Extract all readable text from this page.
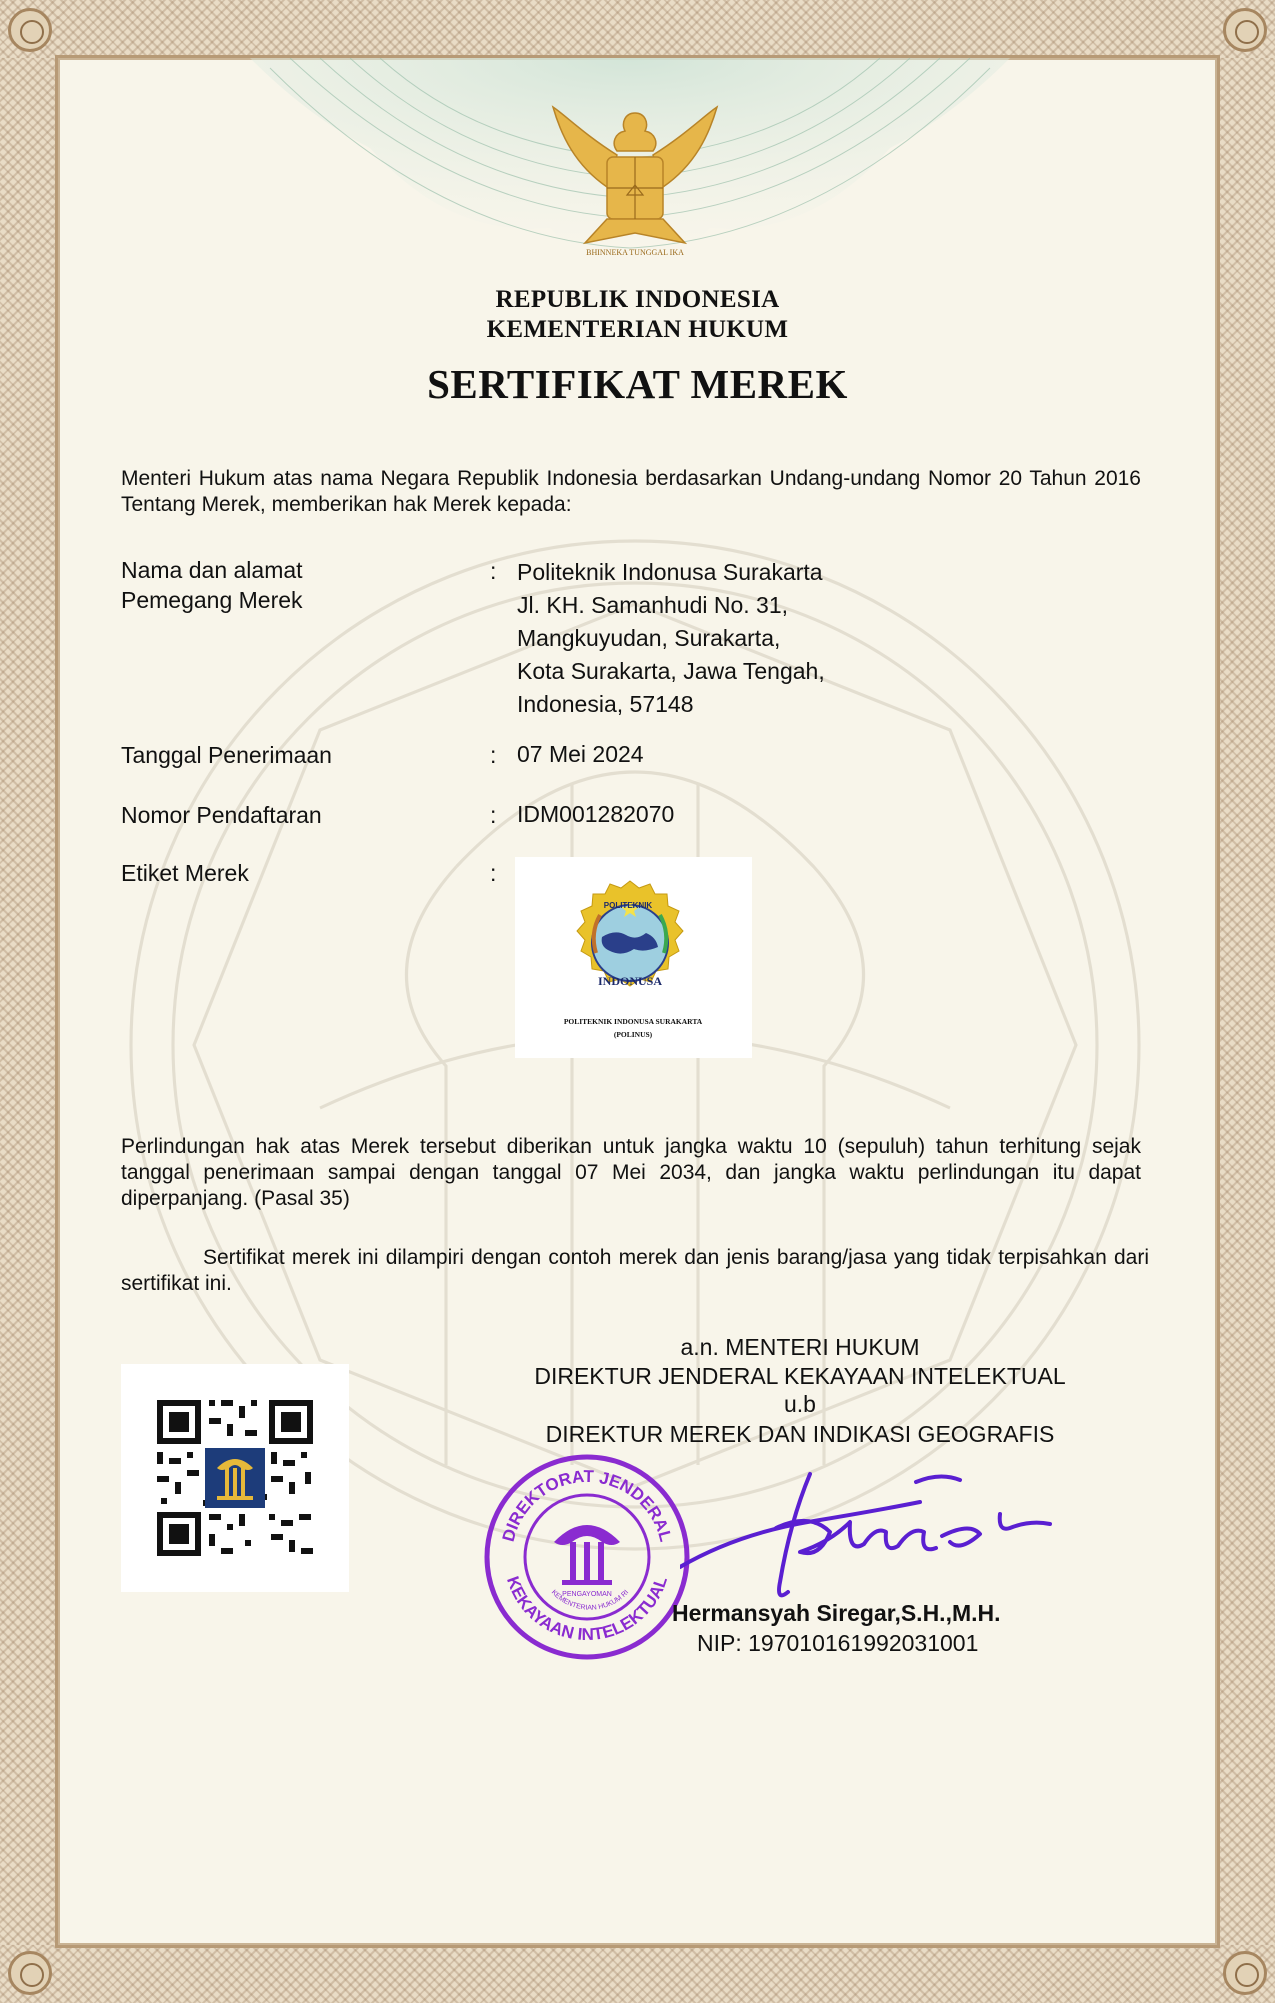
BHINNEKA TUNGGAL IKA
REPUBLIK INDONESIA
KEMENTERIAN HUKUM
SERTIFIKAT MEREK
Menteri Hukum atas nama Negara Republik Indonesia berdasarkan Undang-undang Nomor 20 Tahun 2016 Tentang Merek, memberikan hak Merek kepada:
Nama dan alamat
Pemegang Merek
: Politeknik Indonusa Surakarta
Jl. KH. Samanhudi No. 31,
Mangkuyudan, Surakarta,
Kota Surakarta, Jawa Tengah,
Indonesia, 57148
Tanggal Penerimaan	: 07 Mei 2024
Nomor Pendaftaran	: IDM001282070
Etiket Merek	:
POLITEKNIK
INDONUSA
POLITEKNIK INDONUSA SURAKARTA
(POLINUS)
Perlindungan hak atas Merek tersebut diberikan untuk jangka waktu 10 (sepuluh) tahun terhitung sejak tanggal penerimaan sampai dengan tanggal 07 Mei 2034, dan jangka waktu perlindungan itu dapat diperpanjang. (Pasal 35)
Sertifikat merek ini dilampiri dengan contoh merek dan jenis barang/jasa yang tidak terpisahkan dari sertifikat ini.
a.n. MENTERI HUKUM
DIREKTUR JENDERAL KEKAYAAN INTELEKTUAL
u.b
DIREKTUR MEREK DAN INDIKASI GEOGRAFIS
DIREKTORAT JENDERAL
KEKAYAAN INTELEKTUAL
PENGAYOMAN
KEMENTERIAN HUKUM RI
Hermansyah Siregar,S.H.,M.H.
NIP: 197010161992031001
